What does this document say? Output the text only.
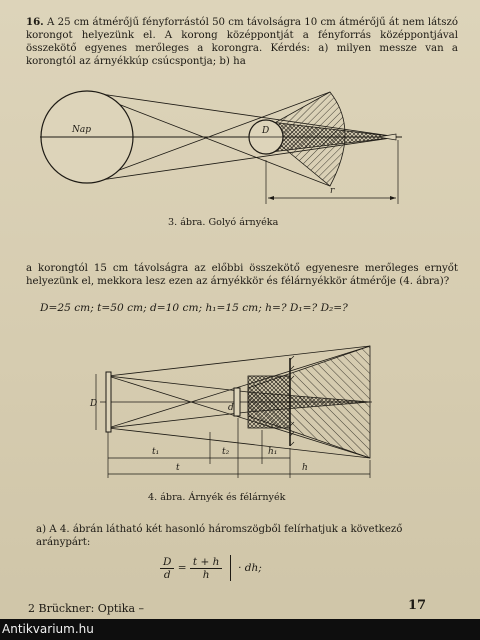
16. A 25 cm átmérőjű fényforrástól 50 cm távolságra 10 cm átmérőjű át nem látszó korongot helyezünk el. A korong középpontját a fényforrás középpontjával összekötő egyenes merőleges a korongra. Kérdés: a) milyen messze van a korongtól az árnyékkúp csúcspontja; b) ha
Nap	D
r
3. ábra. Golyó árnyéka
a korongtól 15 cm távolságra az előbbi összekötő egyenesre merőleges ernyőt helyezünk el, mekkora lesz ezen az árnyékkör és félárnyékkör átmérője (4. ábra)?
D=25 cm; t=50 cm; d=10 cm; h₁=15 cm; h=? D₁=? D₂=?
D	d
t₁	t₂	h₁
t	h
4. ábra. Árnyék és félárnyék
a) A 4. ábrán látható két hasonló háromszögből felírhatjuk a következő aránypárt:
$\frac{D}{d} = \frac{t + h}{h}$ · dh;
2 Brückner: Optika –	17
Antikvarium.hu
